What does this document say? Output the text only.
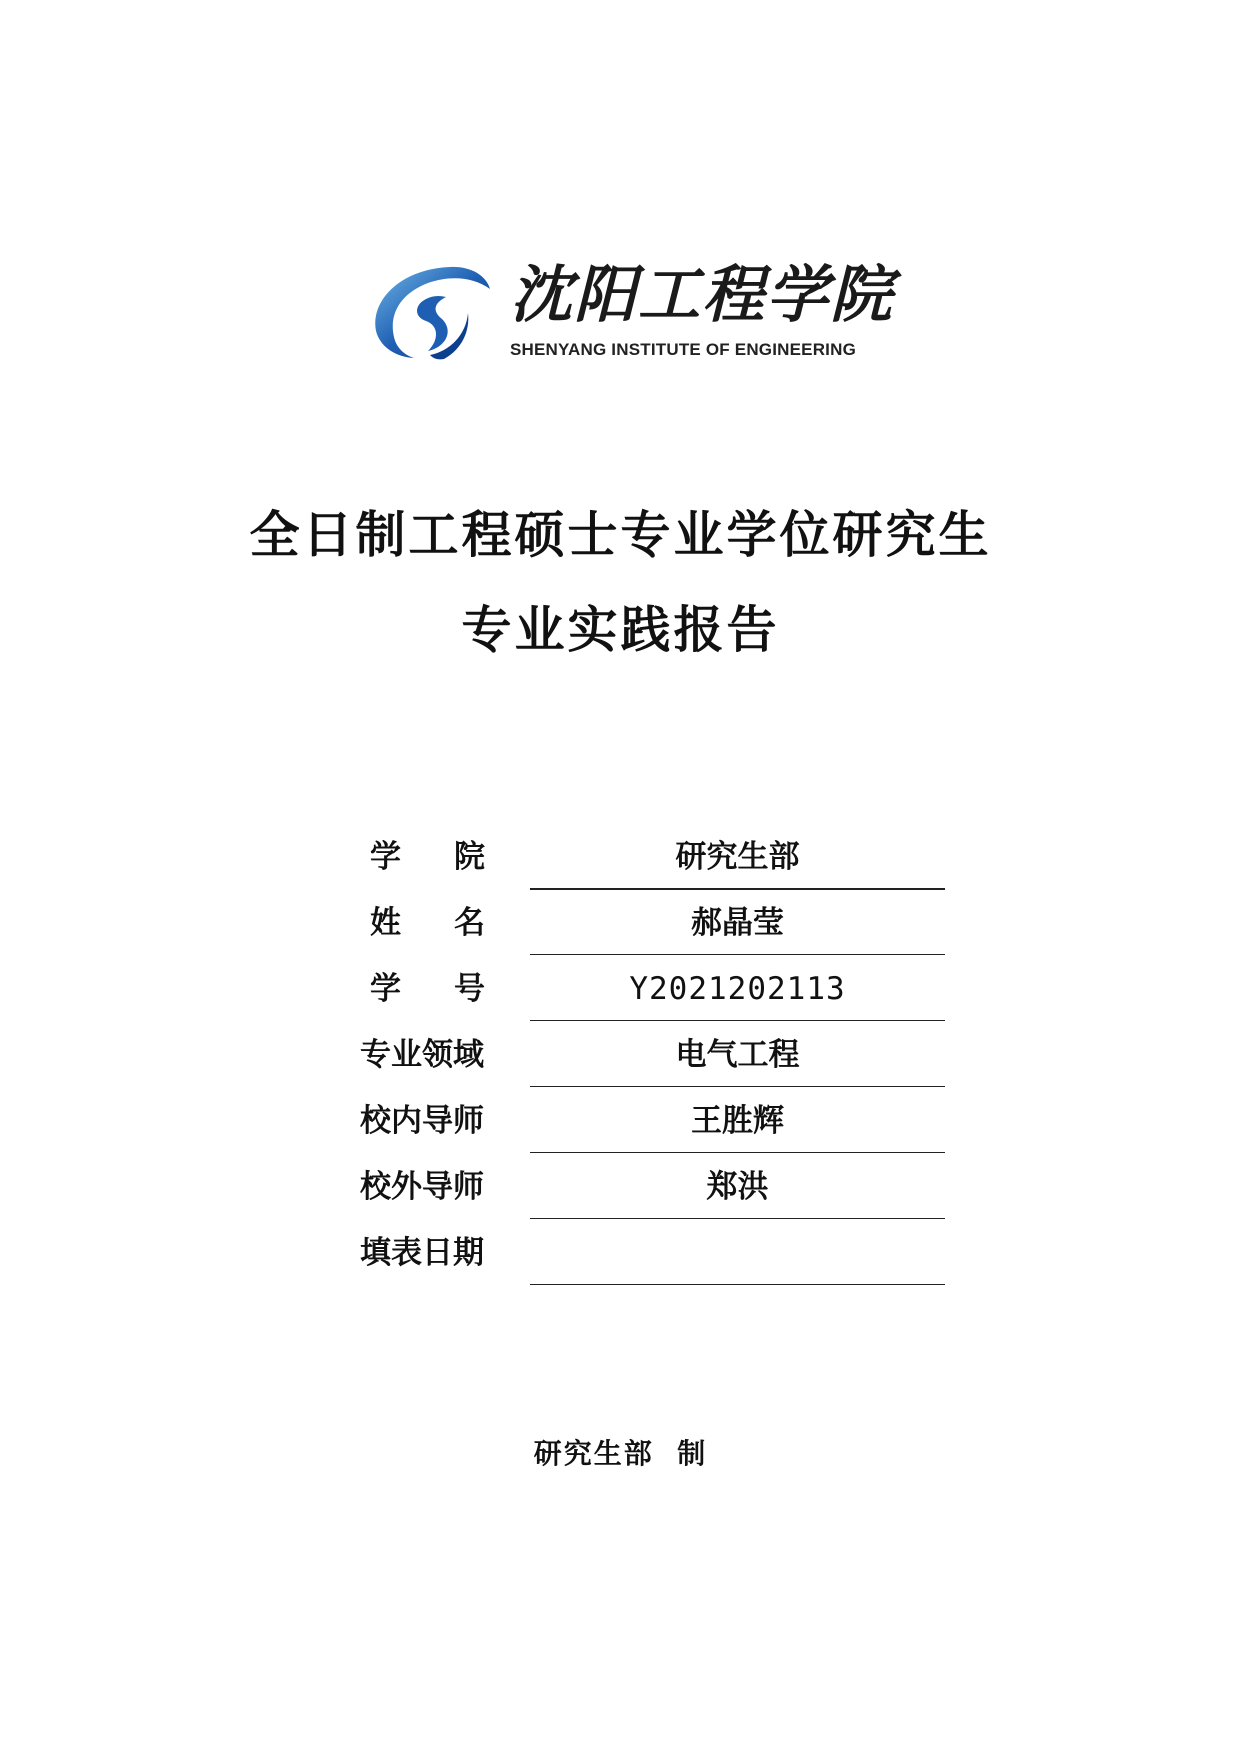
沈阳工程学院
SHENYANG INSTITUTE OF ENGINEERING
全日制工程硕士专业学位研究生
专业实践报告
学 院	研究生部
姓 名	郝晶莹
学 号	Y2021202113
专业领域	电气工程
校内导师	王胜辉
校外导师	郑洪
填表日期
研究生部  制
